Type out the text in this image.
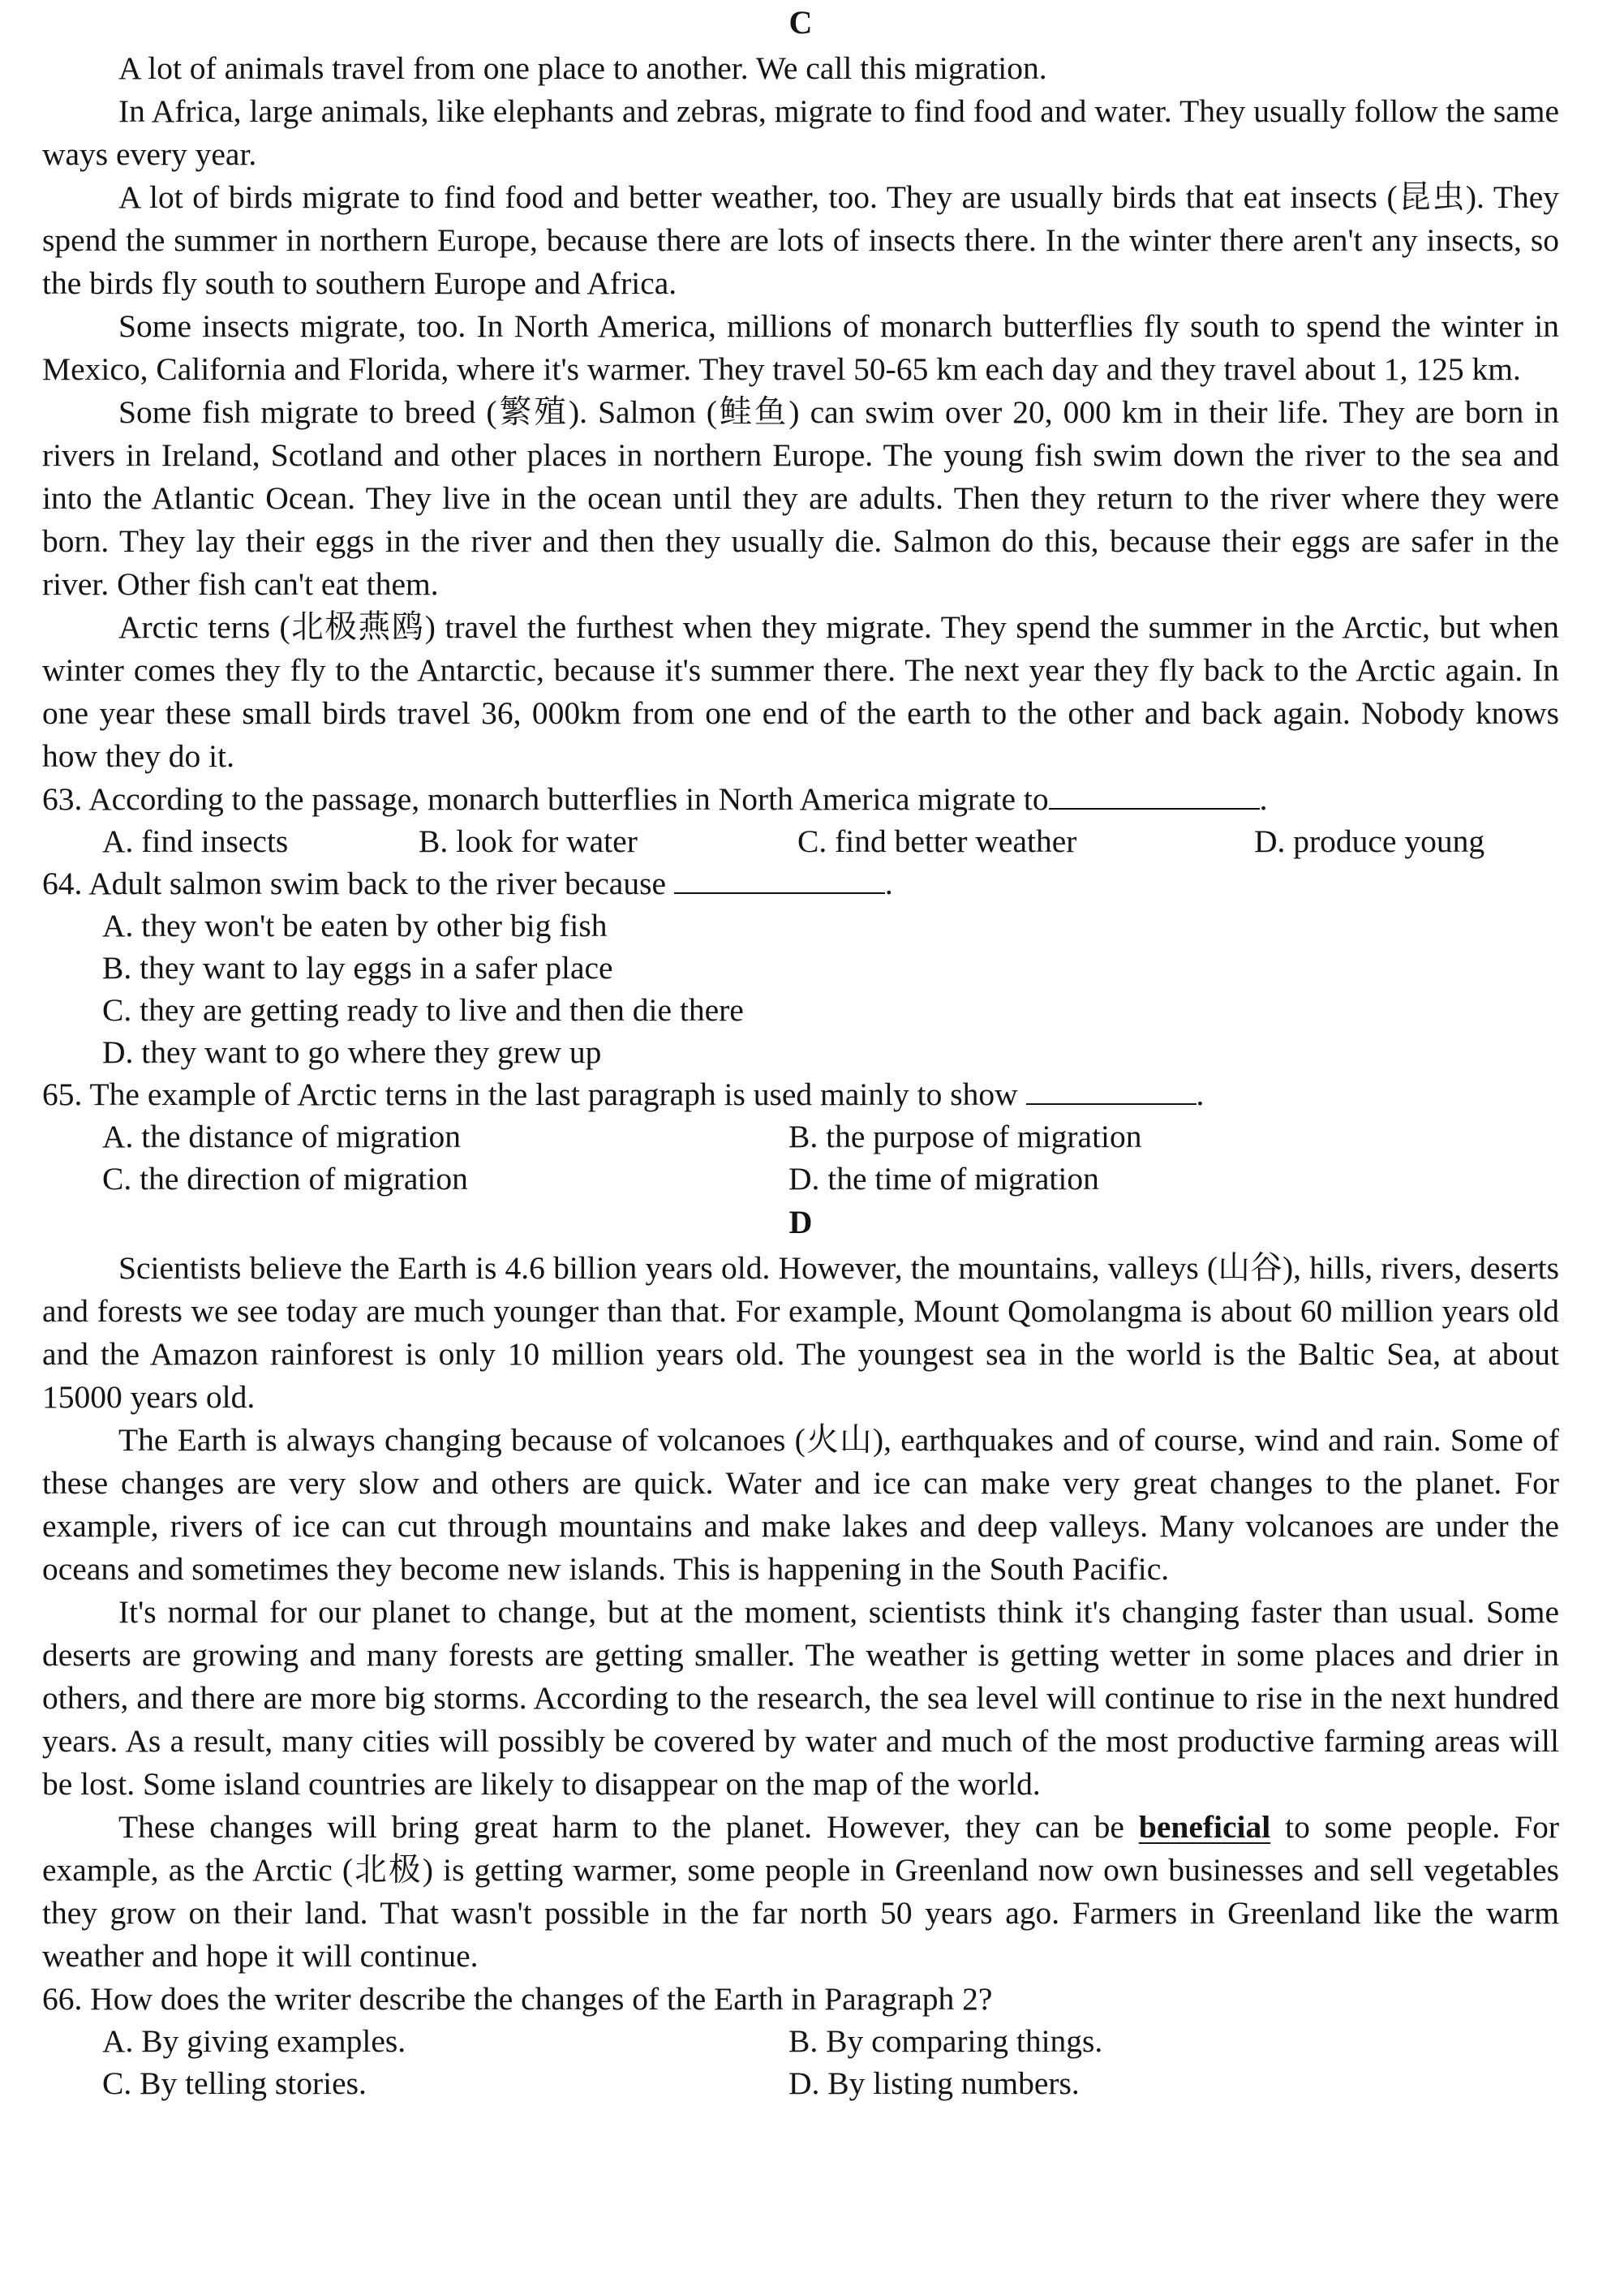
C

A lot of animals travel from one place to another. We call this migration.

In Africa, large animals, like elephants and zebras, migrate to find food and water. They usually follow the same ways every year.

A lot of birds migrate to find food and better weather, too. They are usually birds that eat insects (昆虫). They spend the summer in northern Europe, because there are lots of insects there. In the winter there aren't any insects, so the birds fly south to southern Europe and Africa.

Some insects migrate, too. In North America, millions of monarch butterflies fly south to spend the winter in Mexico, California and Florida, where it's warmer. They travel 50-65 km each day and they travel about 1, 125 km.

Some fish migrate to breed (繁殖). Salmon (鲑鱼) can swim over 20, 000 km in their life. They are born in rivers in Ireland, Scotland and other places in northern Europe. The young fish swim down the river to the sea and into the Atlantic Ocean. They live in the ocean until they are adults. Then they return to the river where they were born. They lay their eggs in the river and then they usually die. Salmon do this, because their eggs are safer in the river. Other fish can't eat them.

Arctic terns (北极燕鸥) travel the furthest when they migrate. They spend the summer in the Arctic, but when winter comes they fly to the Antarctic, because it's summer there. The next year they fly back to the Arctic again. In one year these small birds travel 36, 000km from one end of the earth to the other and back again. Nobody knows how they do it.

63. According to the passage, monarch butterflies in North America migrate to	.
A. find insects	B. look for water	C. find better weather	D. produce young
64. Adult salmon swim back to the river because	.
A. they won't be eaten by other big fish
B. they want to lay eggs in a safer place
C. they are getting ready to live and then die there
D. they want to go where they grew up
65. The example of Arctic terns in the last paragraph is used mainly to show	.
A. the distance of migration	B. the purpose of migration
C. the direction of migration	D. the time of migration
D

Scientists believe the Earth is 4.6 billion years old. However, the mountains, valleys (山谷), hills, rivers, deserts and forests we see today are much younger than that. For example, Mount Qomolangma is about 60 million years old and the Amazon rainforest is only 10 million years old. The youngest sea in the world is the Baltic Sea, at about 15000 years old.

The Earth is always changing because of volcanoes (火山), earthquakes and of course, wind and rain. Some of these changes are very slow and others are quick. Water and ice can make very great changes to the planet. For example, rivers of ice can cut through mountains and make lakes and deep valleys. Many volcanoes are under the oceans and sometimes they become new islands. This is happening in the South Pacific.

It's normal for our planet to change, but at the moment, scientists think it's changing faster than usual. Some deserts are growing and many forests are getting smaller. The weather is getting wetter in some places and drier in others, and there are more big storms. According to the research, the sea level will continue to rise in the next hundred years. As a result, many cities will possibly be covered by water and much of the most productive farming areas will be lost. Some island countries are likely to disappear on the map of the world.

These changes will bring great harm to the planet. However, they can be beneficial to some people. For example, as the Arctic (北极) is getting warmer, some people in Greenland now own businesses and sell vegetables they grow on their land. That wasn't possible in the far north 50 years ago. Farmers in Greenland like the warm weather and hope it will continue.

66. How does the writer describe the changes of the Earth in Paragraph 2?
A. By giving examples.	B. By comparing things.
C. By telling stories.	D. By listing numbers.
